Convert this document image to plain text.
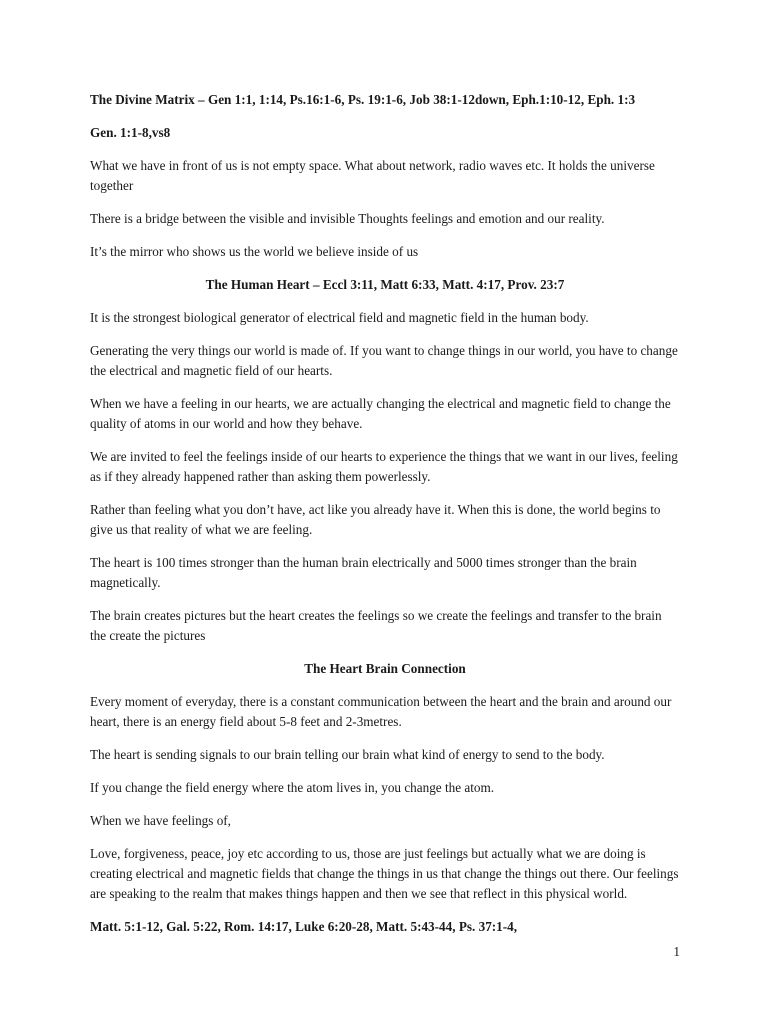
The Divine Matrix – Gen 1:1, 1:14, Ps.16:1-6, Ps. 19:1-6, Job 38:1-12down, Eph.1:10-12, Eph. 1:3

Gen. 1:1-8,vs8

What we have in front of us is not empty space. What about network, radio waves etc. It holds the universe together

There is a bridge between the visible and invisible Thoughts feelings and emotion and our reality.

It’s the mirror who shows us the world we believe inside of us

The Human Heart – Eccl 3:11, Matt 6:33, Matt. 4:17, Prov. 23:7

It is the strongest biological generator of electrical field and magnetic field in the human body.

Generating the very things our world is made of. If you want to change things in our world, you have to change the electrical and magnetic field of our hearts.

When we have a feeling in our hearts, we are actually changing the electrical and magnetic field to change the quality of atoms in our world and how they behave.

We are invited to feel the feelings inside of our hearts to experience the things that we want in our lives, feeling as if they already happened rather than asking them powerlessly.

Rather than feeling what you don’t have, act like you already have it. When this is done, the world begins to give us that reality of what we are feeling.

The heart is 100 times stronger than the human brain electrically and 5000 times stronger than the brain magnetically.

The brain creates pictures but the heart creates the feelings so we create the feelings and transfer to the brain the create the pictures

The Heart Brain Connection

Every moment of everyday, there is a constant communication between the heart and the brain and around our heart, there is an energy field about 5-8 feet and 2-3metres.

The heart is sending signals to our brain telling our brain what kind of energy to send to the body.

If you change the field energy where the atom lives in, you change the atom.

When we have feelings of,

Love, forgiveness, peace, joy etc according to us, those are just feelings but actually what we are doing is creating electrical and magnetic fields that change the things in us that change the things out there. Our feelings are speaking to the realm that makes things happen and then we see that reflect in this physical world.

Matt. 5:1-12, Gal. 5:22, Rom. 14:17, Luke 6:20-28, Matt. 5:43-44, Ps. 37:1-4,

1
